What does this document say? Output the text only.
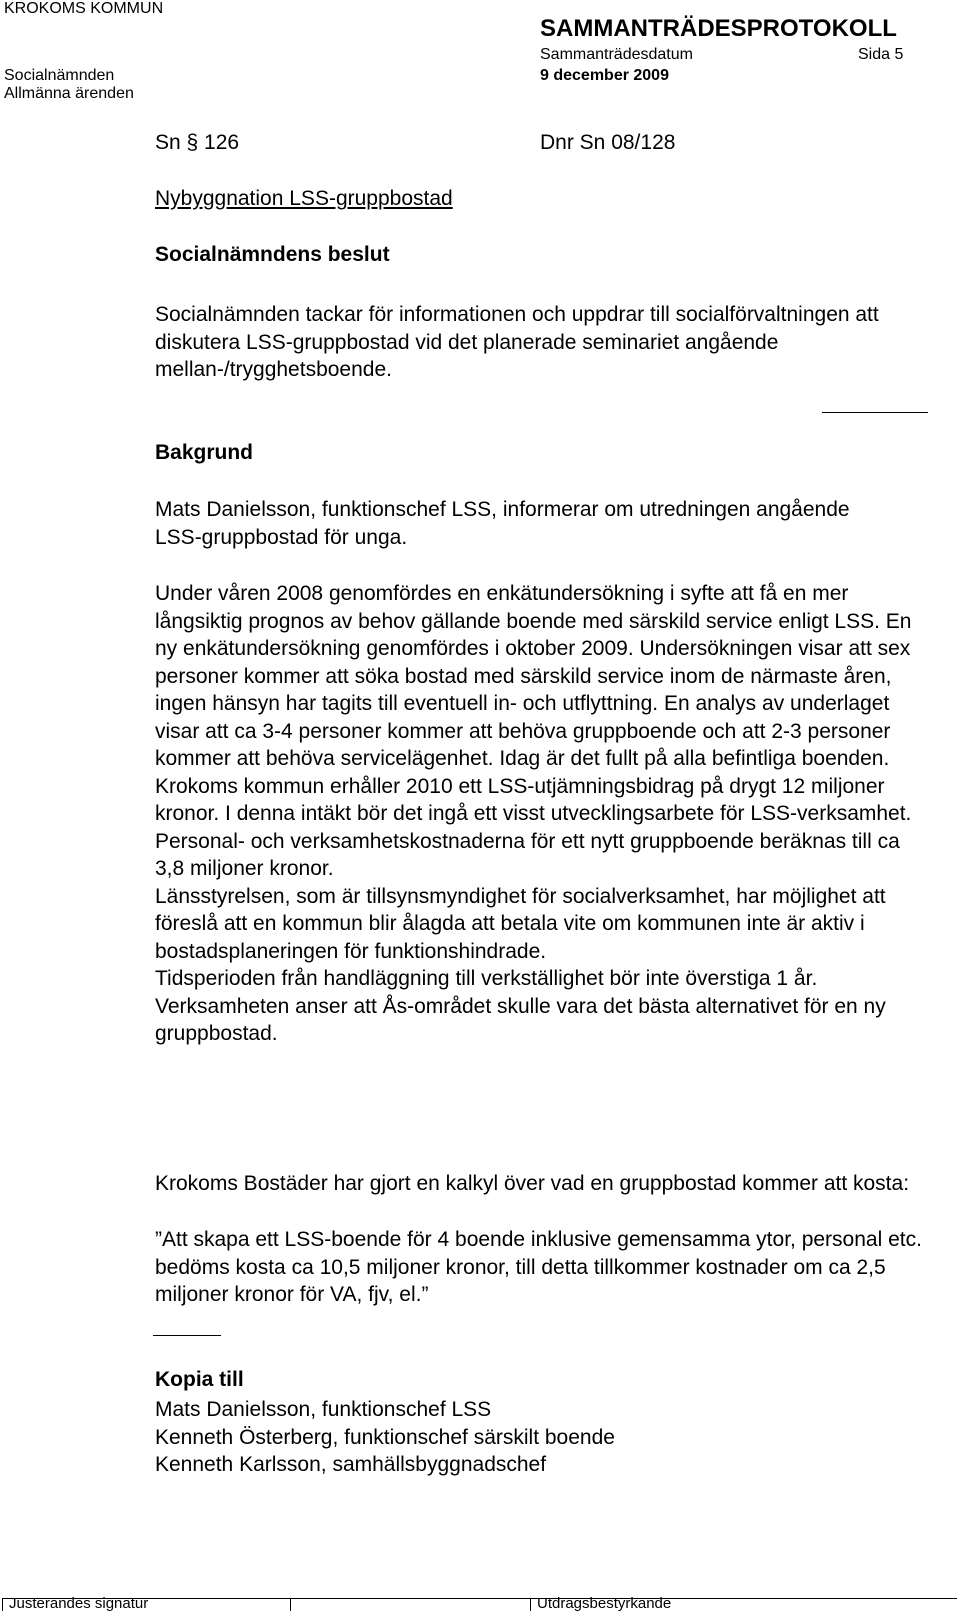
KROKOMS KOMMUN
SAMMANTRÄDESPROTOKOLL
Sammanträdesdatum	Sida 5
Socialnämnden	9 december 2009
Allmänna ärenden
Sn § 126	Dnr Sn 08/128
Nybyggnation LSS-gruppbostad
Socialnämndens beslut
Socialnämnden tackar för informationen och uppdrar till socialförvaltningen att diskutera LSS-gruppbostad vid det planerade seminariet angående mellan-/trygghetsboende.
Bakgrund
Mats Danielsson, funktionschef LSS, informerar om utredningen angående LSS-gruppbostad för unga.
Under våren 2008 genomfördes en enkätundersökning i syfte att få en mer långsiktig prognos av behov gällande boende med särskild service enligt LSS. En ny enkätundersökning genomfördes i oktober 2009. Undersökningen visar att sex personer kommer att söka bostad med särskild service inom de närmaste åren, ingen hänsyn har tagits till eventuell in- och utflyttning. En analys av underlaget visar att ca 3-4 personer kommer att behöva gruppboende och att 2-3 personer kommer att behöva servicelägenhet. Idag är det fullt på alla befintliga boenden. Krokoms kommun erhåller 2010 ett LSS-utjämningsbidrag på drygt 12 miljoner kronor. I denna intäkt bör det ingå ett visst utvecklingsarbete för LSS-verksamhet.
Personal- och verksamhetskostnaderna för ett nytt gruppboende beräknas till ca 3,8 miljoner kronor.
Länsstyrelsen, som är tillsynsmyndighet för socialverksamhet, har möjlighet att föreslå att en kommun blir ålagda att betala vite om kommunen inte är aktiv i bostadsplaneringen för funktionshindrade.
Tidsperioden från handläggning till verkställighet bör inte överstiga 1 år.
Verksamheten anser att Ås-området skulle vara det bästa alternativet för en ny gruppbostad.
Krokoms Bostäder har gjort en kalkyl över vad en gruppbostad kommer att kosta:
”Att skapa ett LSS-boende för 4 boende inklusive gemensamma ytor, personal etc. bedöms kosta ca 10,5 miljoner kronor, till detta tillkommer kostnader om ca 2,5 miljoner kronor för VA, fjv, el.”
Kopia till
Mats Danielsson, funktionschef LSS
Kenneth Österberg, funktionschef särskilt boende
Kenneth Karlsson, samhällsbyggnadschef
Justerandes signatur	Utdragsbestyrkande
